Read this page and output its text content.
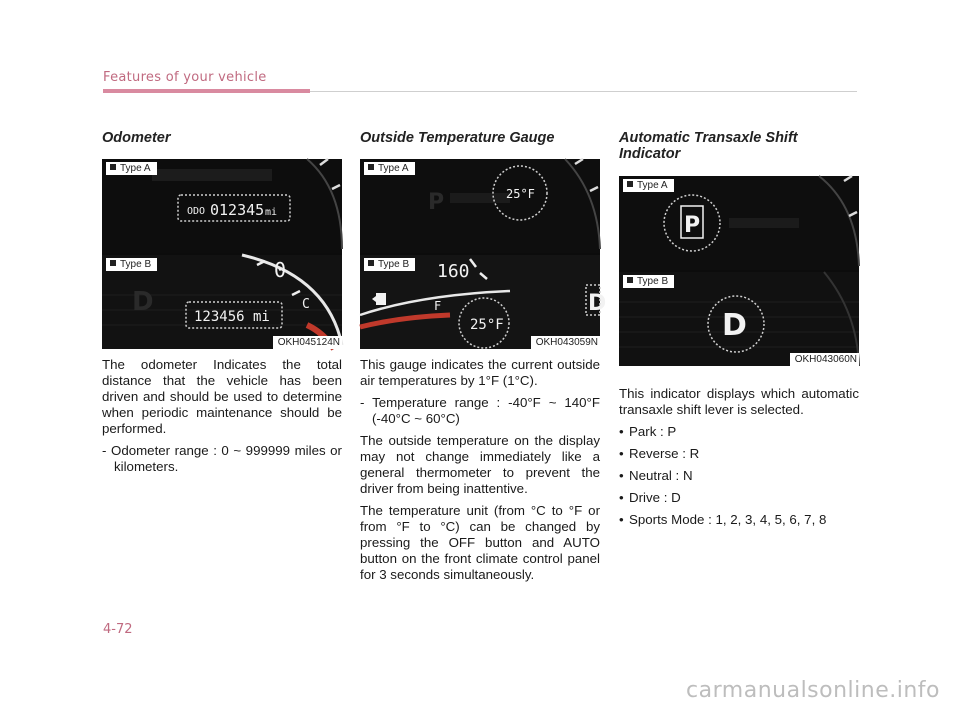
Features of your vehicle
Odometer
Type A
ODO 012345 mi
Type B	0
C
D	123456 mi
OKH045124N

The odometer Indicates the total distance that the vehicle has been driven and should be used to determine when periodic maintenance should be performed.

- Odometer range : 0 ~ 999999 miles or kilometers.

Outside Temperature Gauge
Type A
P	25°F
Type B	160
F
25°F
D
OKH043059N

This gauge indicates the current outside air temperatures by 1°F (1°C).

- Temperature range : -40°F ~ 140°F (-40°C ~ 60°C)

The outside temperature on the display may not change immediately like a general thermometer to prevent the driver from being inattentive.

The temperature unit (from °C to °F or from °F to °C) can be changed by pressing the OFF button and AUTO button on the front climate control panel for 3 seconds simultaneously.

Automatic Transaxle Shift Indicator
Type A
P
Type B
D
OKH043060N

This indicator displays which automatic transaxle shift lever is selected.

• Park : P
• Reverse : R
• Neutral : N
• Drive : D
• Sports Mode : 1, 2, 3, 4, 5, 6, 7, 8
4-72
carmanualsonline.info
